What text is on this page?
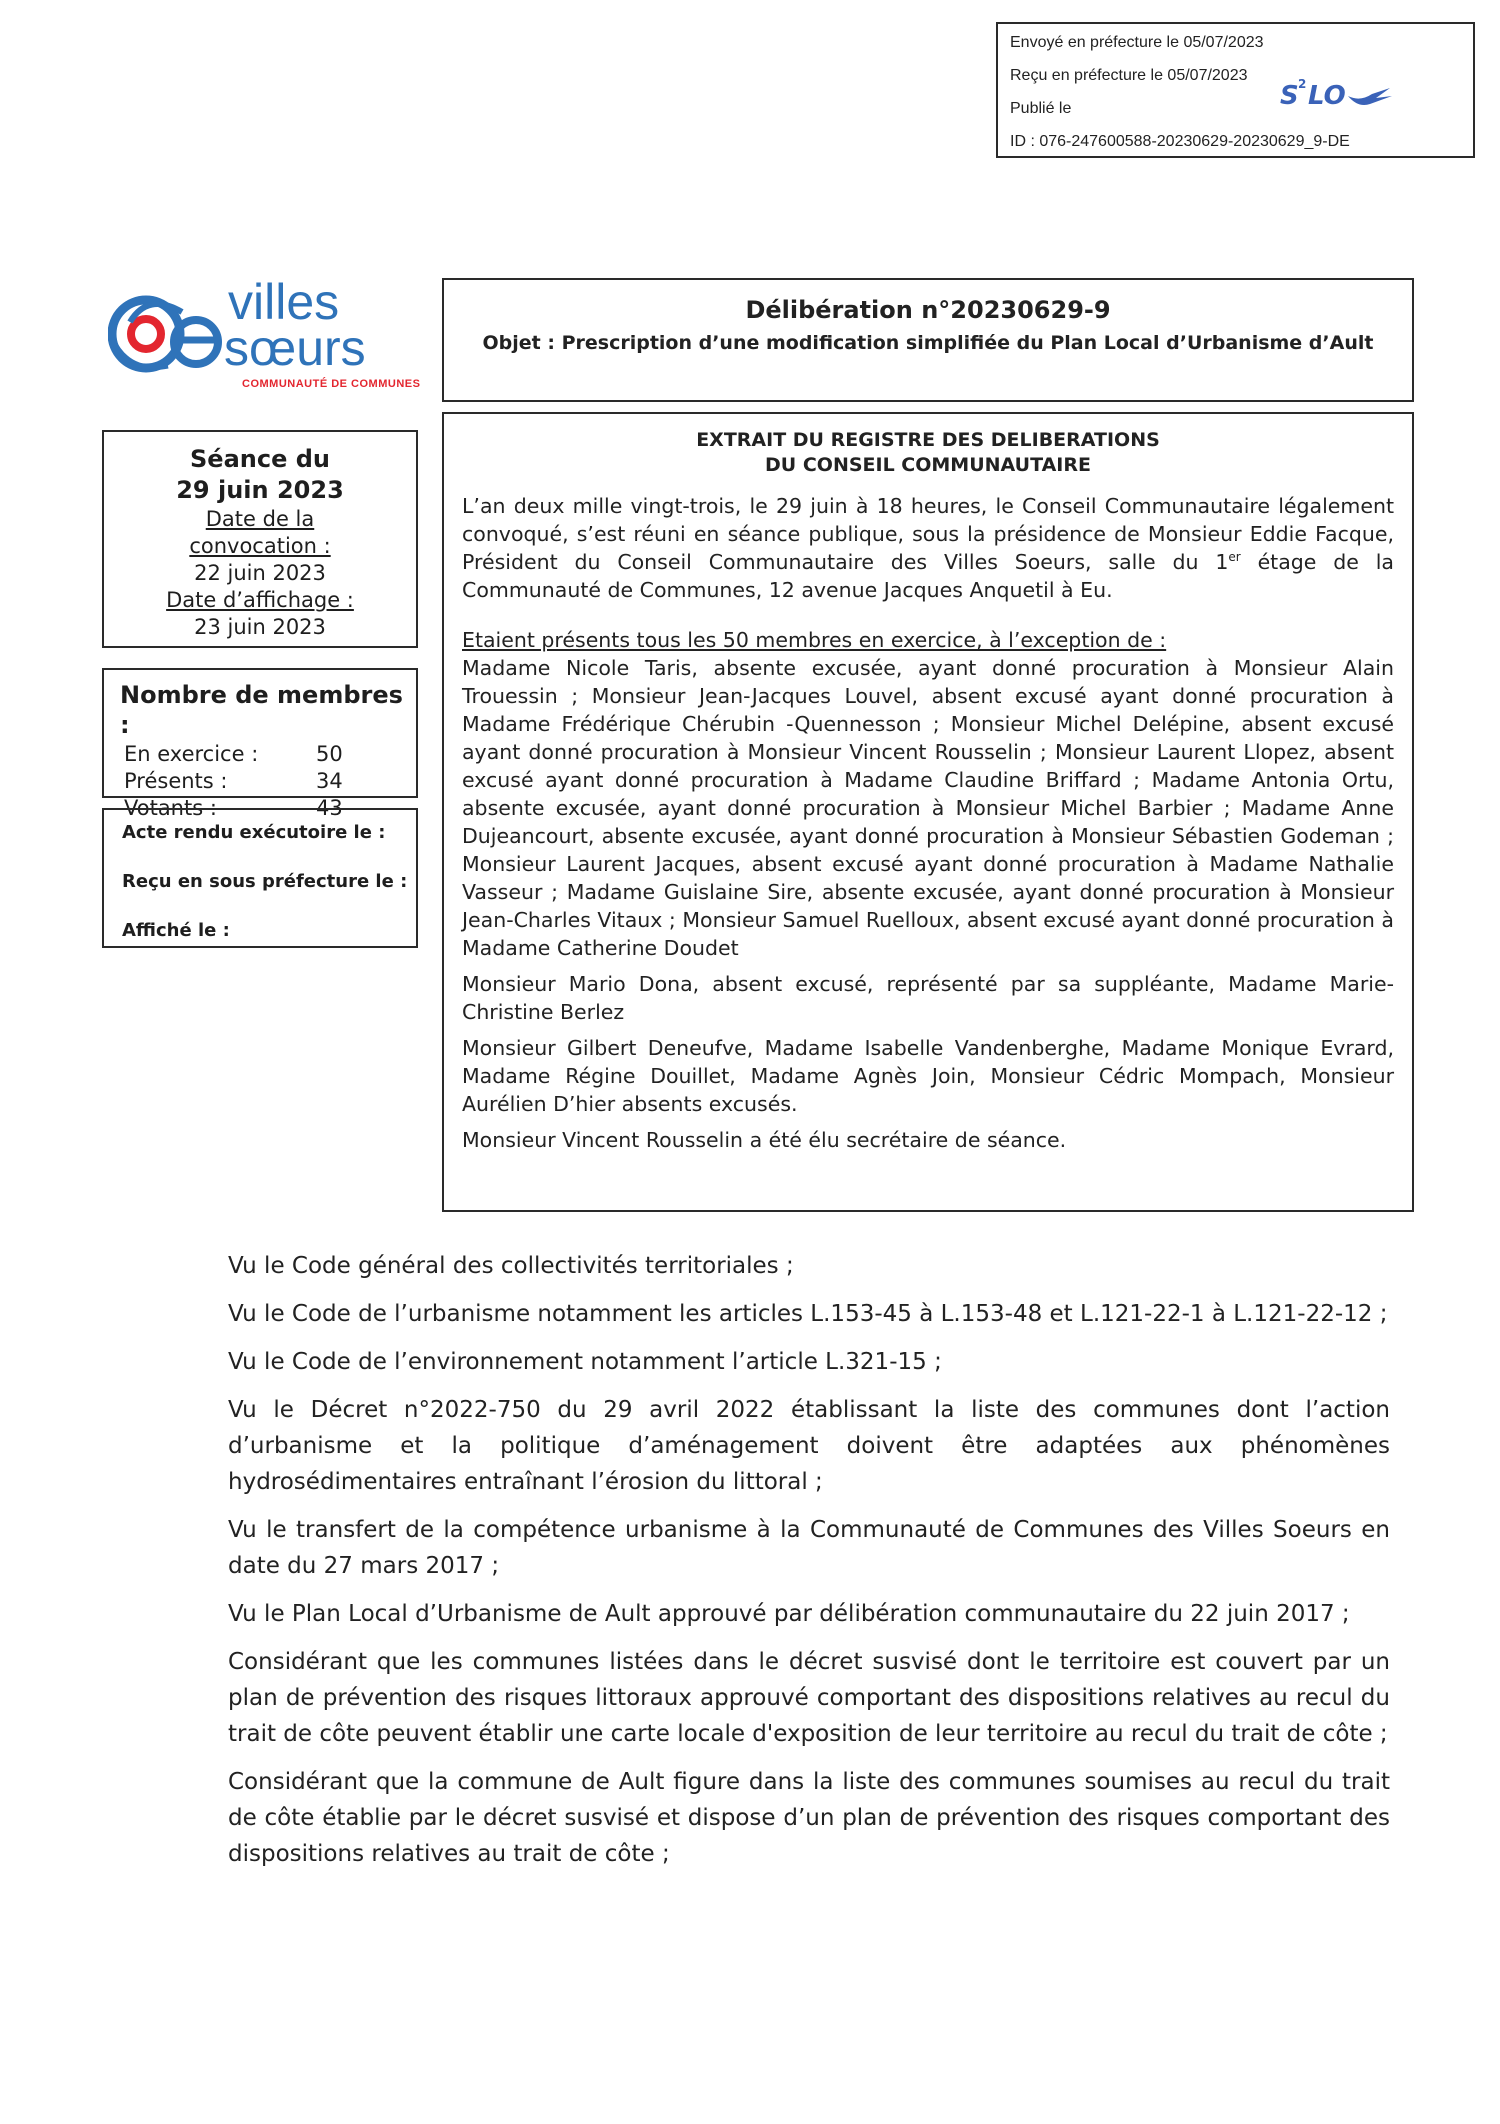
Envoyé en préfecture le 05/07/2023
Reçu en préfecture le 05/07/2023
Publié le
ID : 076-247600588-20230629-20230629_9-DE
S 2 LO
villes
sœurs
COMMUNAUTÉ DE COMMUNES
Délibération n°20230629-9
Objet : Prescription d’une modification simplifiée du Plan Local d’Urbanisme d’Ault
Séance du
29 juin 2023
Date de la
convocation :
22 juin 2023
Date d’affichage :
23 juin 2023
Nombre de membres :
En exercice :	50
Présents :	34
Votants :	43
Acte rendu exécutoire le :
Reçu en sous préfecture le :
Affiché le :
EXTRAIT DU REGISTRE DES DELIBERATIONS
DU CONSEIL COMMUNAUTAIRE

L’an deux mille vingt-trois, le 29 juin à 18 heures, le Conseil Communautaire légalement convoqué, s’est réuni en séance publique, sous la présidence de Monsieur Eddie Facque, Président du Conseil Communautaire des Villes Soeurs, salle du 1er étage de la Communauté de Communes, 12 avenue Jacques Anquetil à Eu.

Etaient présents tous les 50 membres en exercice, à l’exception de :

Madame Nicole Taris, absente excusée, ayant donné procuration à Monsieur Alain Trouessin ; Monsieur Jean-Jacques Louvel, absent excusé ayant donné procuration à Madame Frédérique Chérubin -Quennesson ; Monsieur Michel Delépine, absent excusé ayant donné procuration à Monsieur Vincent Rousselin ; Monsieur Laurent Llopez, absent excusé ayant donné procuration à Madame Claudine Briffard ; Madame Antonia Ortu, absente excusée, ayant donné procuration à Monsieur Michel Barbier ; Madame Anne Dujeancourt, absente excusée, ayant donné procuration à Monsieur Sébastien Godeman ; Monsieur Laurent Jacques, absent excusé ayant donné procuration à Madame Nathalie Vasseur ; Madame Guislaine Sire, absente excusée, ayant donné procuration à Monsieur Jean-Charles Vitaux ; Monsieur Samuel Ruelloux, absent excusé ayant donné procuration à Madame Catherine Doudet

Monsieur Mario Dona, absent excusé, représenté par sa suppléante, Madame Marie-Christine Berlez

Monsieur Gilbert Deneufve, Madame Isabelle Vandenberghe, Madame Monique Evrard, Madame Régine Douillet, Madame Agnès Join, Monsieur Cédric Mompach, Monsieur Aurélien D’hier absents excusés.

Monsieur Vincent Rousselin a été élu secrétaire de séance.

Vu le Code général des collectivités territoriales ;

Vu le Code de l’urbanisme notamment les articles L.153-45 à L.153-48 et L.121-22-1 à L.121-22-12 ;

Vu le Code de l’environnement notamment l’article L.321-15 ;

Vu le Décret n°2022-750 du 29 avril 2022 établissant la liste des communes dont l’action d’urbanisme et la politique d’aménagement doivent être adaptées aux phénomènes hydrosédimentaires entraînant l’érosion du littoral ;

Vu le transfert de la compétence urbanisme à la Communauté de Communes des Villes Soeurs en date du 27 mars 2017 ;

Vu le Plan Local d’Urbanisme de Ault approuvé par délibération communautaire du 22 juin 2017 ;

Considérant que les communes listées dans le décret susvisé dont le territoire est couvert par un plan de prévention des risques littoraux approuvé comportant des dispositions relatives au recul du trait de côte peuvent établir une carte locale d'exposition de leur territoire au recul du trait de côte ;

Considérant que la commune de Ault figure dans la liste des communes soumises au recul du trait de côte établie par le décret susvisé et dispose d’un plan de prévention des risques comportant des dispositions relatives au trait de côte ;
